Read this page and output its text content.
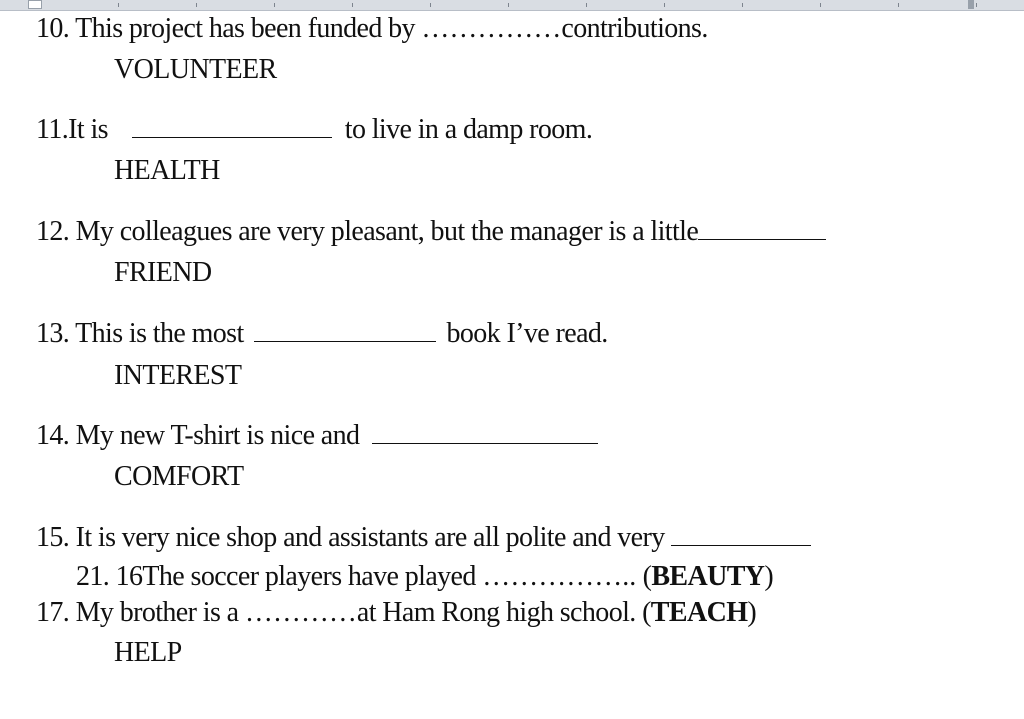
10. This project has been funded by ……………contributions.
VOLUNTEER
11.It is	to live in a damp room.
HEALTH
12. My colleagues are very pleasant, but the manager is a little
FRIEND
13. This is the most	book I’ve read.
INTEREST
14. My new T-shirt is nice and
COMFORT
15. It is very nice shop and assistants are all polite and very
21. 16The soccer players have played …………….. (BEAUTY)
17. My brother is a …………at Ham Rong high school. (TEACH)
HELP
